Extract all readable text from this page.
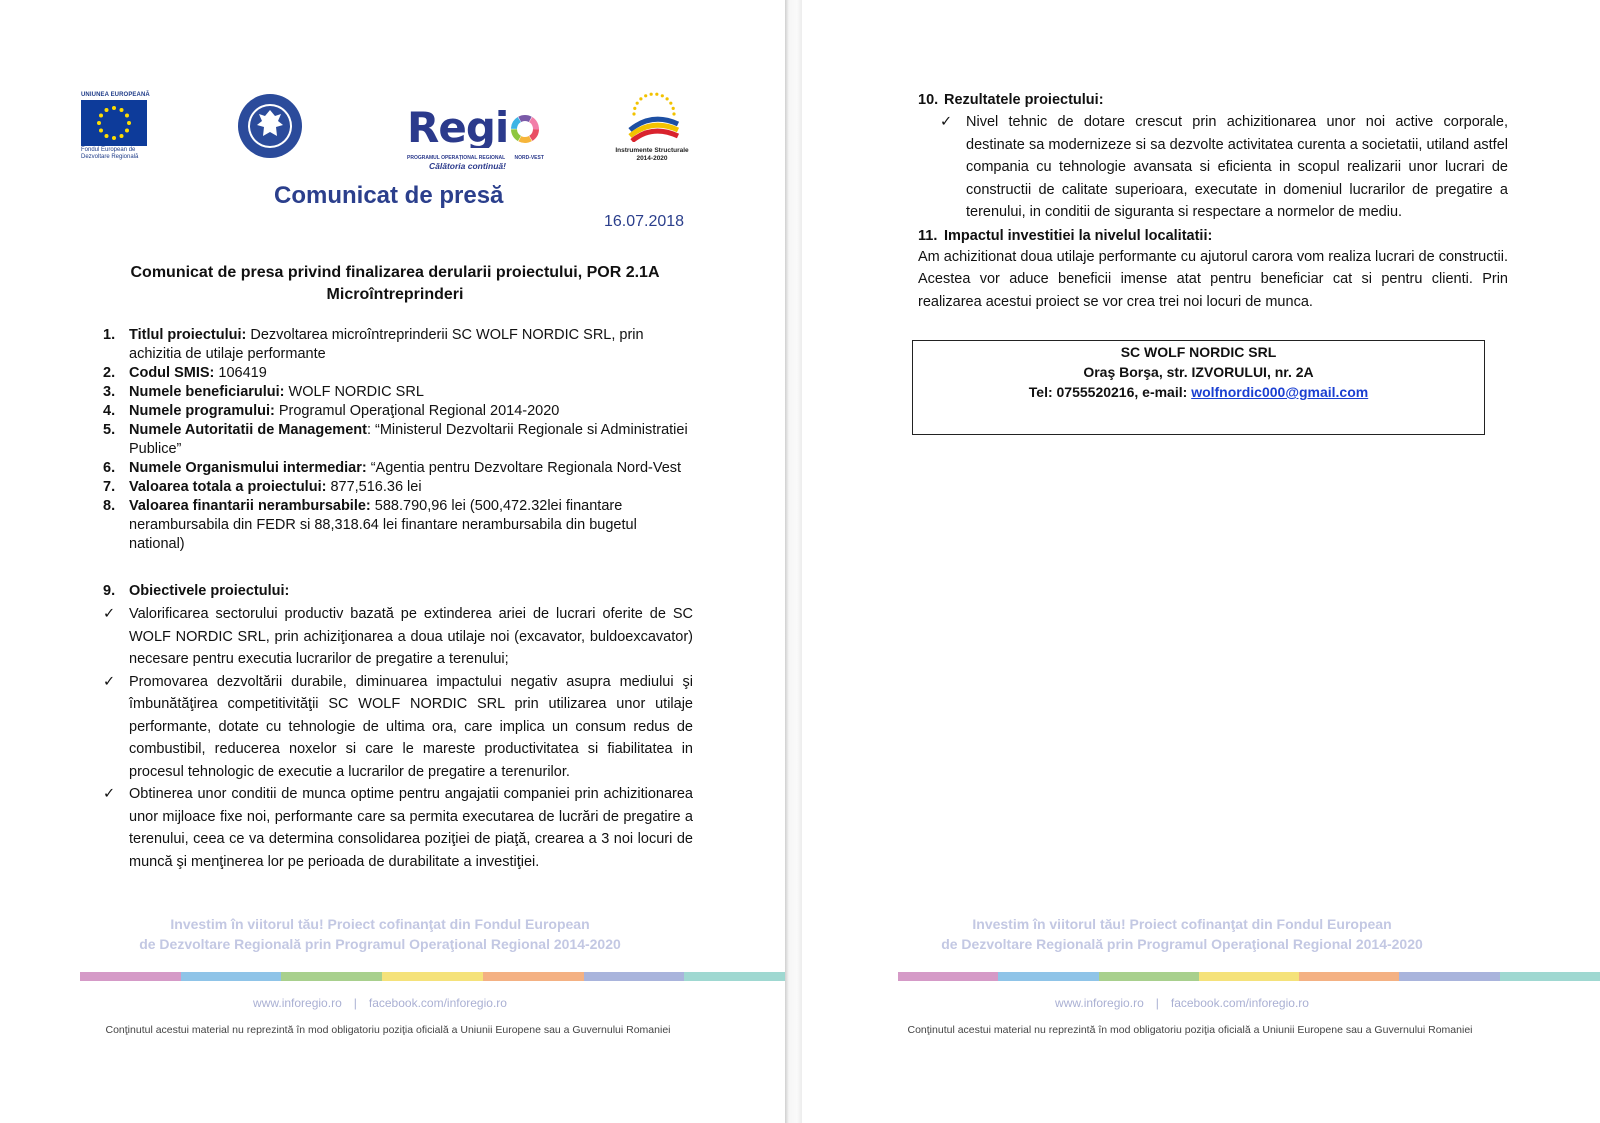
UNIUNEA EUROPEANĂ
Fondul European de
Dezvoltare Regională
Regi
PROGRAMUL OPERAȚIONAL REGIONAL NORD-VEST
Călătoria continuă!
Instrumente Structurale
2014-2020
Comunicat de presă
16.07.2018
Comunicat de presa privind finalizarea derularii proiectului, POR 2.1A
Microîntreprinderi
1. Titlul proiectului: Dezvoltarea microîntreprinderii SC WOLF NORDIC SRL, prin achizitia de utilaje performante
2. Codul SMIS: 106419
3. Numele beneficiarului: WOLF NORDIC SRL
4. Numele programului: Programul Operaţional Regional 2014-2020
5. Numele Autoritatii de Management: “Ministerul Dezvoltarii Regionale si Administratiei Publice”
6. Numele Organismului intermediar: “Agentia pentru Dezvoltare Regionala Nord-Vest
7. Valoarea totala a proiectului: 877,516.36 lei
8. Valoarea finantarii nerambursabile: 588.790,96 lei (500,472.32lei finantare nerambursabila din FEDR si 88,318.64 lei finantare nerambursabila din bugetul national)
9. Obiectivele proiectului:
✓ Valorificarea sectorului productiv bazată pe extinderea ariei de lucrari oferite de SC WOLF NORDIC SRL, prin achiziţionarea a doua utilaje noi (excavator, buldoexcavator) necesare pentru executia lucrarilor de pregatire a terenului;
✓ Promovarea dezvoltării durabile, diminuarea impactului negativ asupra mediului şi îmbunătăţirea competitivităţii SC WOLF NORDIC SRL prin utilizarea unor utilaje performante, dotate cu tehnologie de ultima ora, care implica un consum redus de combustibil, reducerea noxelor si care le mareste productivitatea si fiabilitatea in procesul tehnologic de executie a lucrarilor de pregatire a terenurilor.
✓ Obtinerea unor conditii de munca optime pentru angajatii companiei prin achizitionarea unor mijloace fixe noi, performante care sa permita executarea de lucrări de pregatire a terenului, ceea ce va determina consolidarea poziţiei de piaţă, crearea a 3 noi locuri de muncă şi menţinerea lor pe perioada de durabilitate a investiţiei.
Investim în viitorul tău! Proiect cofinanţat din Fondul European
de Dezvoltare Regională prin Programul Operaţional Regional 2014-2020
www.inforegio.ro | facebook.com/inforegio.ro
Conţinutul acestui material nu reprezintă în mod obligatoriu poziţia oficială a Uniunii Europene sau a Guvernului Romaniei
Investim în viitorul tău! Proiect cofinanţat din Fondul European
de Dezvoltare Regională prin Programul Operaţional Regional 2014-2020
www.inforegio.ro | facebook.com/inforegio.ro
Conţinutul acestui material nu reprezintă în mod obligatoriu poziţia oficială a Uniunii Europene sau a Guvernului Romaniei
10. Rezultatele proiectului:
✓ Nivel tehnic de dotare crescut prin achizitionarea unor noi active corporale, destinate sa modernizeze si sa dezvolte activitatea curenta a societatii, utiland astfel compania cu tehnologie avansata si eficienta in scopul realizarii unor lucrari de constructii de calitate superioara, executate in domeniul lucrarilor de pregatire a terenului, in conditii de siguranta si respectare a normelor de mediu.
11. Impactul investitiei la nivelul localitatii:
Am achizitionat doua utilaje performante cu ajutorul carora vom realiza lucrari de constructii. Acestea vor aduce beneficii imense atat pentru beneficiar cat si pentru clienti. Prin realizarea acestui proiect se vor crea trei noi locuri de munca.
SC WOLF NORDIC SRL
Oraş Borşa, str. IZVORULUI, nr. 2A
Tel: 0755520216, e-mail: wolfnordic000@gmail.com
